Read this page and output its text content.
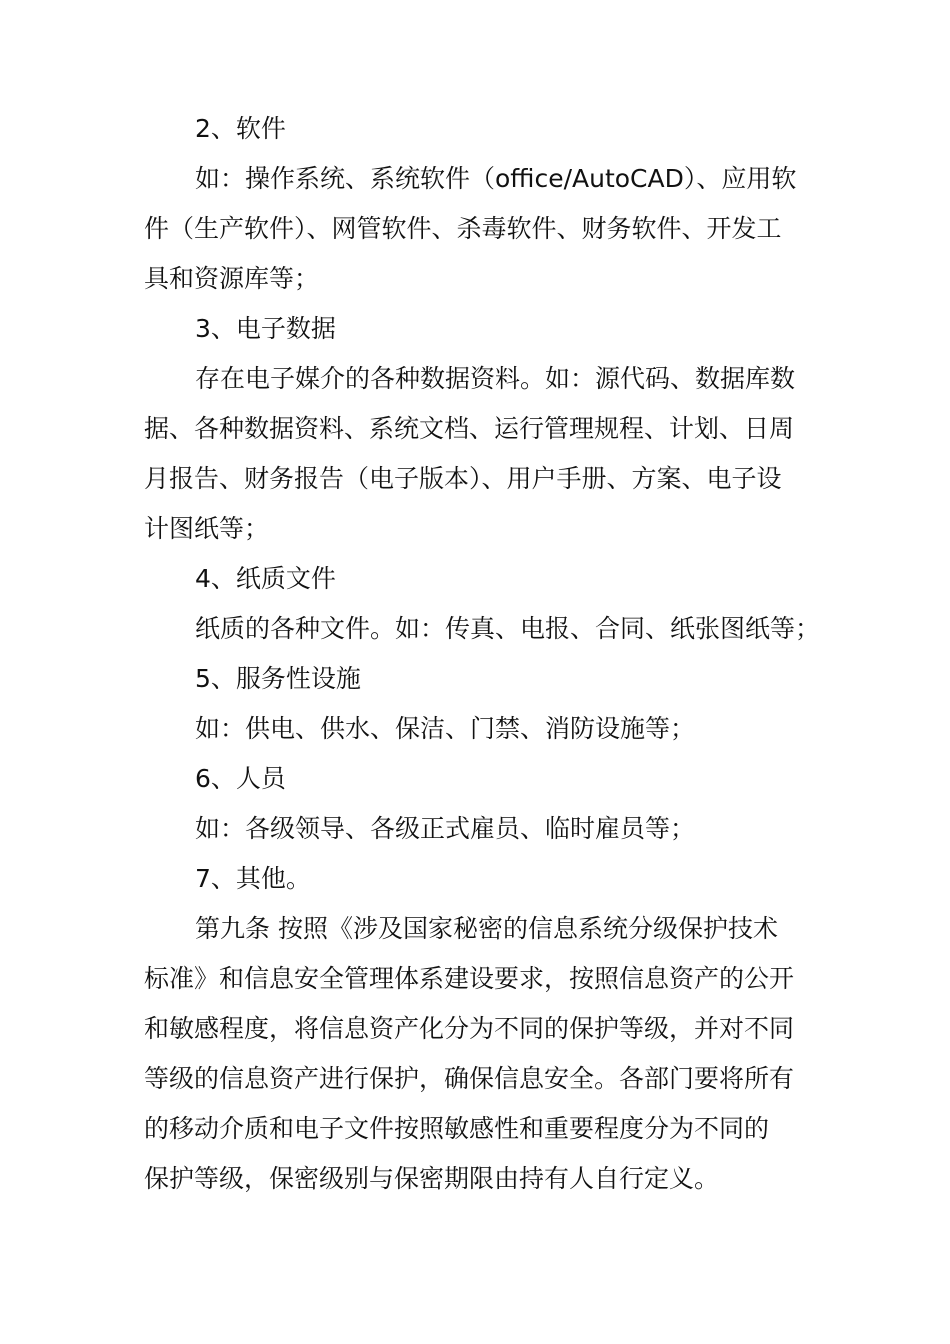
2、软件
如：操作系统、系统软件（office/AutoCAD）、应用软
件（生产软件）、网管软件、杀毒软件、财务软件、开发工
具和资源库等；
3、电子数据
存在电子媒介的各种数据资料。如：源代码、数据库数
据、各种数据资料、系统文档、运行管理规程、计划、日周
月报告、财务报告（电子版本）、用户手册、方案、电子设
计图纸等；
4、纸质文件
纸质的各种文件。如：传真、电报、合同、纸张图纸等；
5、服务性设施
如：供电、供水、保洁、门禁、消防设施等；
6、人员
如：各级领导、各级正式雇员、临时雇员等；
7、其他。
第九条 按照《涉及国家秘密的信息系统分级保护技术
标准》和信息安全管理体系建设要求，按照信息资产的公开
和敏感程度，将信息资产化分为不同的保护等级，并对不同
等级的信息资产进行保护，确保信息安全。各部门要将所有
的移动介质和电子文件按照敏感性和重要程度分为不同的
保护等级，保密级别与保密期限由持有人自行定义。
